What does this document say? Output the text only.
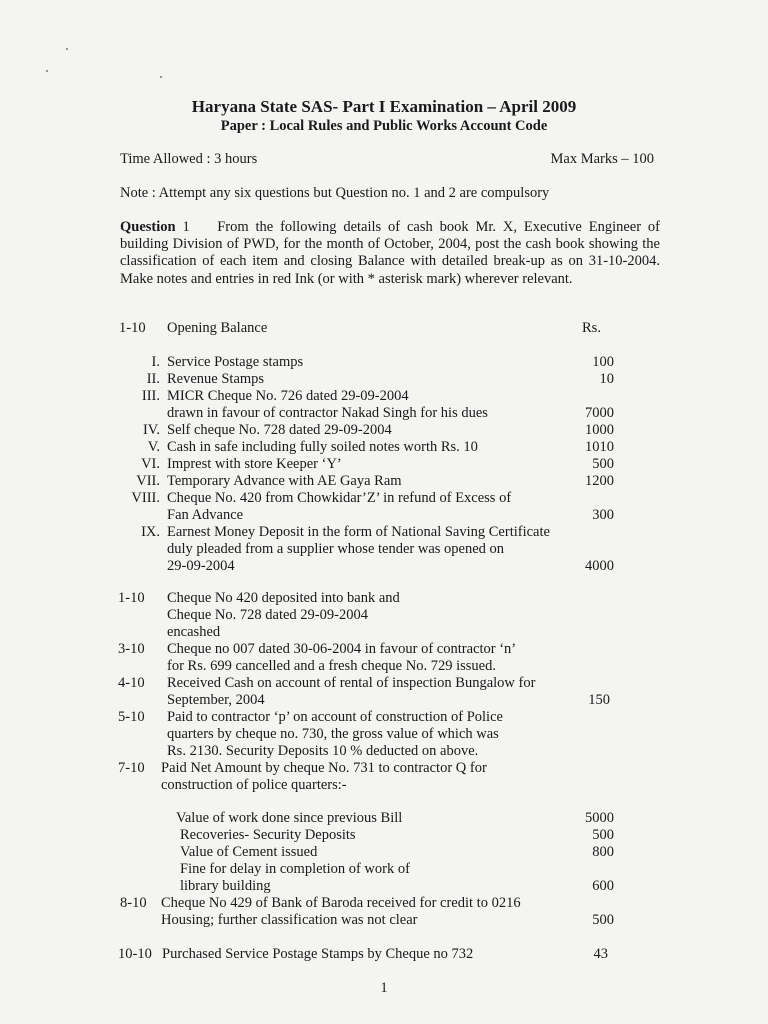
Haryana State SAS- Part I Examination – April 2009
Paper : Local Rules and Public Works Account Code
Time Allowed : 3 hours	Max Marks – 100
Note : Attempt any six questions but Question no. 1 and 2 are compulsory
Question 1 From the following details of cash book Mr. X, Executive Engineer of building Division of PWD, for the month of October, 2004, post the cash book showing the classification of each item and closing Balance with detailed break-up as on 31-10-2004. Make notes and entries in red Ink (or with * asterisk mark) wherever relevant.
1-10	Opening Balance	Rs.
I. Service Postage stamps	100
II. Revenue Stamps	10
III. MICR Cheque No. 726 dated 29-09-2004
drawn in favour of contractor Nakad Singh for his dues	7000
IV. Self cheque No. 728 dated 29-09-2004	1000
V. Cash in safe including fully soiled notes worth Rs. 10	1010
VI. Imprest with store Keeper ‘Y’	500
VII. Temporary Advance with AE Gaya Ram	1200
VIII. Cheque No. 420 from Chowkidar’Z’ in refund of Excess of
Fan Advance	300
IX. Earnest Money Deposit in the form of National Saving Certificate
duly pleaded from a supplier whose tender was opened on
29-09-2004	4000
1-10	Cheque No 420 deposited into bank and
Cheque No. 728 dated 29-09-2004
encashed
3-10	Cheque no 007 dated 30-06-2004 in favour of contractor ‘n’
for Rs. 699 cancelled and a fresh cheque No. 729 issued.
4-10	Received Cash on account of rental of inspection Bungalow for
September, 2004	150
5-10	Paid to contractor ‘p’ on account of construction of Police
quarters by cheque no. 730, the gross value of which was
Rs. 2130. Security Deposits 10 % deducted on above.
7-10	Paid Net Amount by cheque No. 731 to contractor Q for
construction of police quarters:-
Value of work done since previous Bill	5000
Recoveries- Security Deposits	500
Value of Cement issued	800
Fine for delay in completion of work of
library building	600
8-10 Cheque No 429 of Bank of Baroda received for credit to 0216
Housing; further classification was not clear	500
10-10 Purchased Service Postage Stamps by Cheque no 732	43
1
